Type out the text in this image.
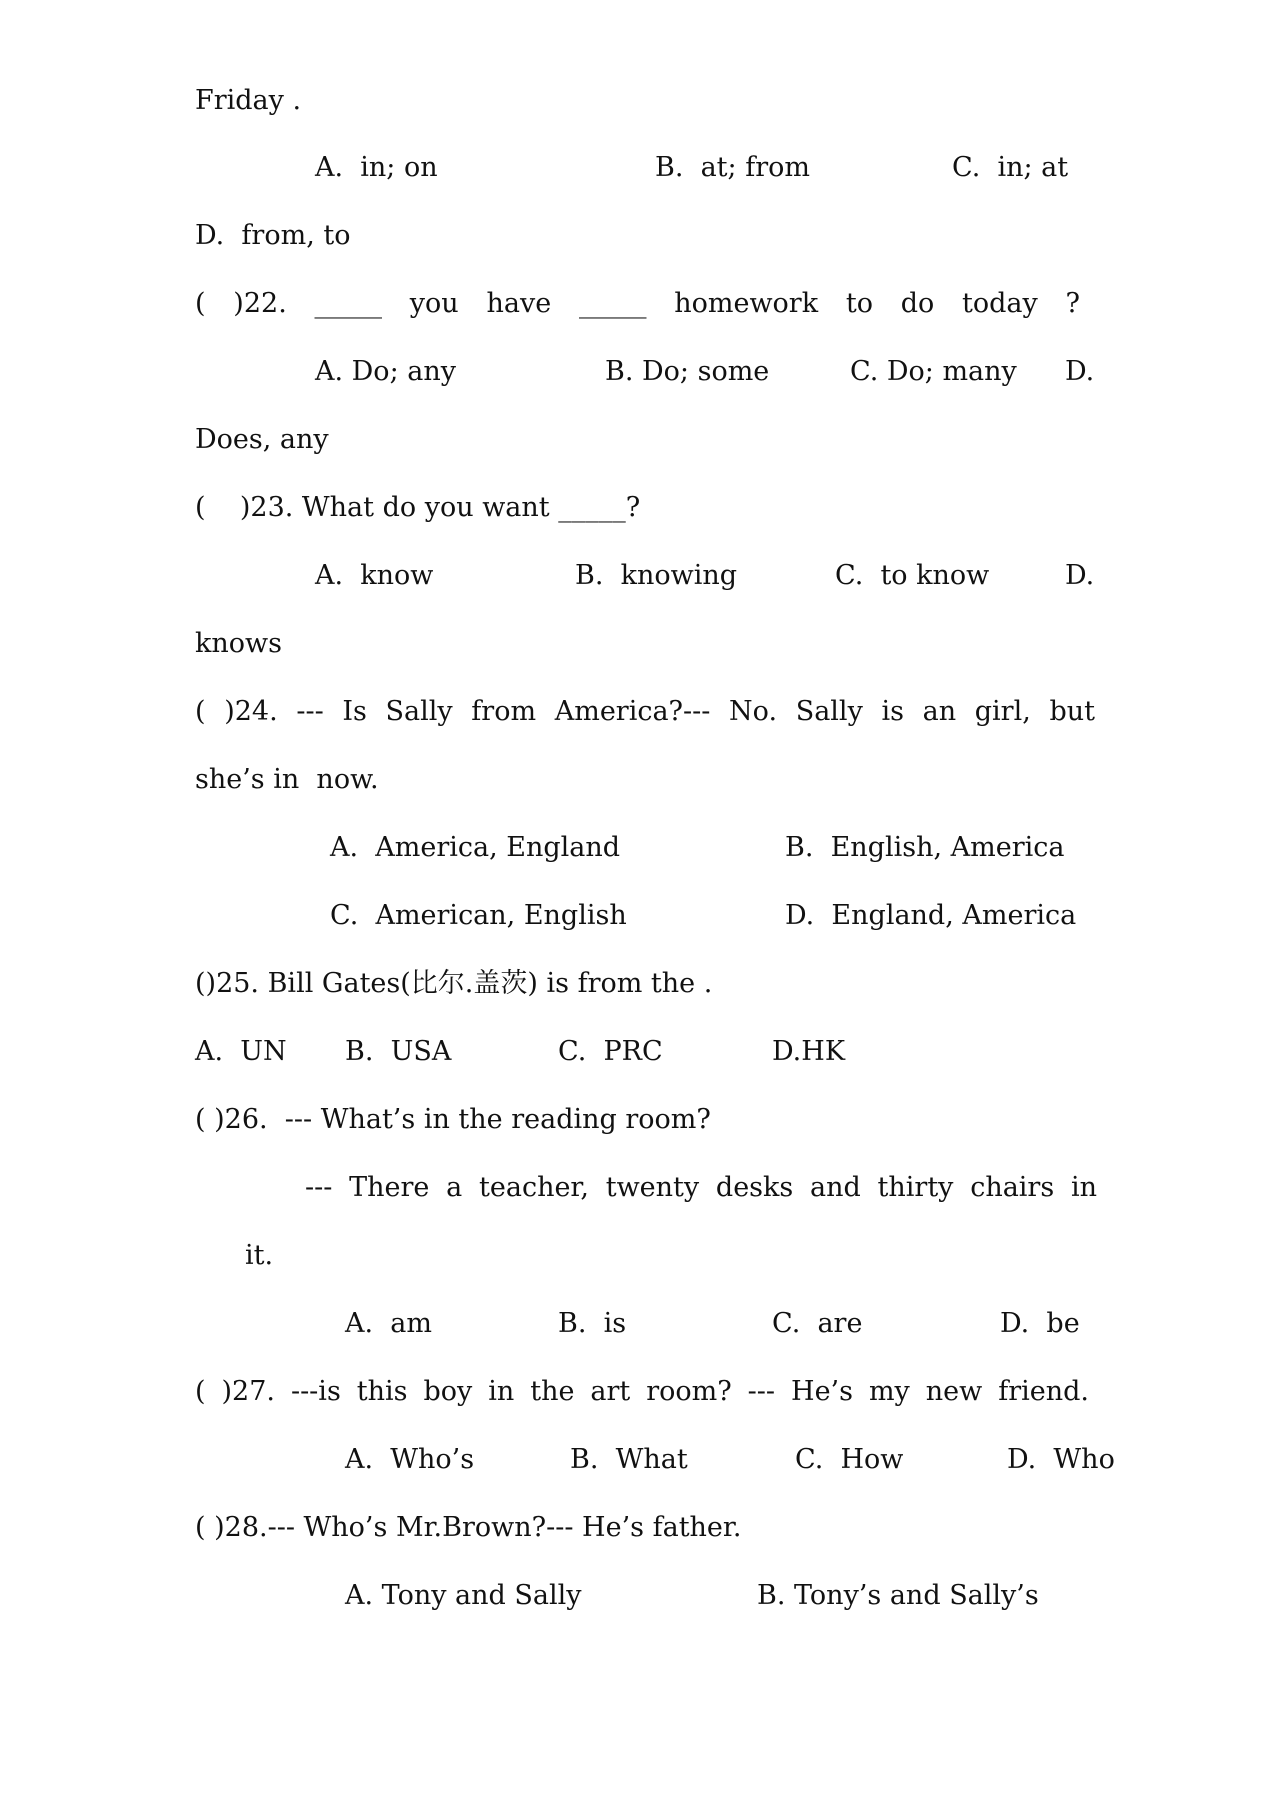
Friday .
A.  in; on	B.  at; from	C.  in; at
D.  from, to
( )22. _____ you have _____ homework to do today ?
A. Do; any	B. Do; some	C. Do; many D.
Does, any
(    )23. What do you want _____?
A.  know	B.  knowing	C.  to know	D.
knows
( )24. --- Is Sally from America?--- No. Sally is an girl, but
she’s in  now.
A.  America, England	B.  English, America
C.  American, English	D.  England, America
()25. Bill Gates(比尔.盖茨) is from the .
A.  UN B.  USA	C.  PRC	D.HK
( )26.  --- What’s in the reading room?
--- There a teacher, twenty desks and thirty chairs in
it.
A.  am	B.  is	C.  are	D.  be
( )27. ---is this boy in the art room? --- He’s my new friend.
A.  Who’s	B.  What	C.  How	D.  Who
( )28.--- Who’s Mr.Brown?--- He’s father.
A. Tony and Sally	B. Tony’s and Sally’s
